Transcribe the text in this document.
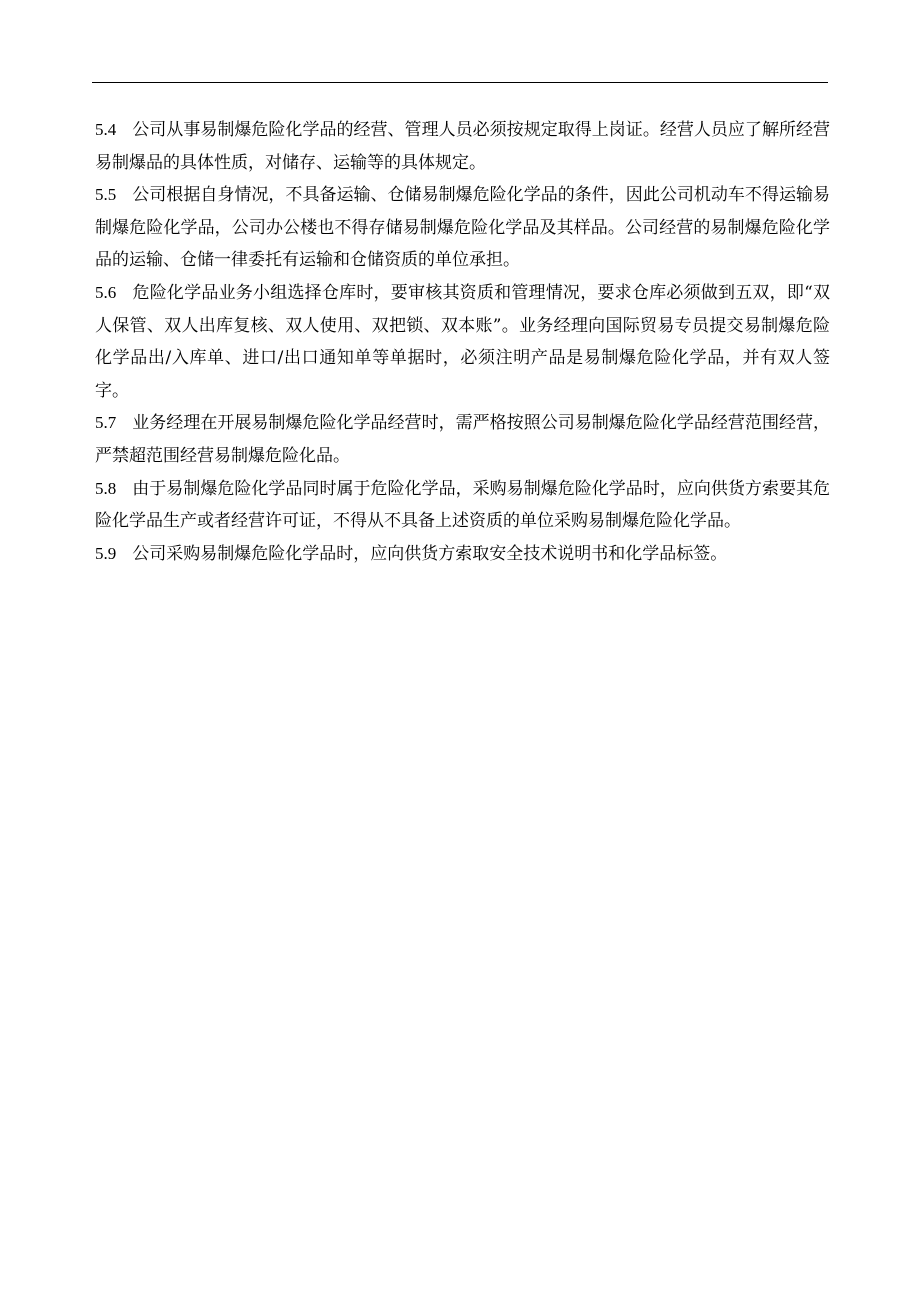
5.4 公司从事易制爆危险化学品的经营、管理人员必须按规定取得上岗证。经营人员应了解所经营易制爆品的具体性质，对储存、运输等的具体规定。

5.5 公司根据自身情况，不具备运输、仓储易制爆危险化学品的条件，因此公司机动车不得运输易制爆危险化学品，公司办公楼也不得存储易制爆危险化学品及其样品。公司经营的易制爆危险化学品的运输、仓储一律委托有运输和仓储资质的单位承担。

5.6 危险化学品业务小组选择仓库时，要审核其资质和管理情况，要求仓库必须做到五双，即“双人保管、双人出库复核、双人使用、双把锁、双本账”。业务经理向国际贸易专员提交易制爆危险化学品出/入库单、进口/出口通知单等单据时，必须注明产品是易制爆危险化学品，并有双人签字。

5.7 业务经理在开展易制爆危险化学品经营时，需严格按照公司易制爆危险化学品经营范围经营，严禁超范围经营易制爆危险化品。

5.8 由于易制爆危险化学品同时属于危险化学品，采购易制爆危险化学品时，应向供货方索要其危险化学品生产或者经营许可证，不得从不具备上述资质的单位采购易制爆危险化学品。

5.9 公司采购易制爆危险化学品时，应向供货方索取安全技术说明书和化学品标签。
